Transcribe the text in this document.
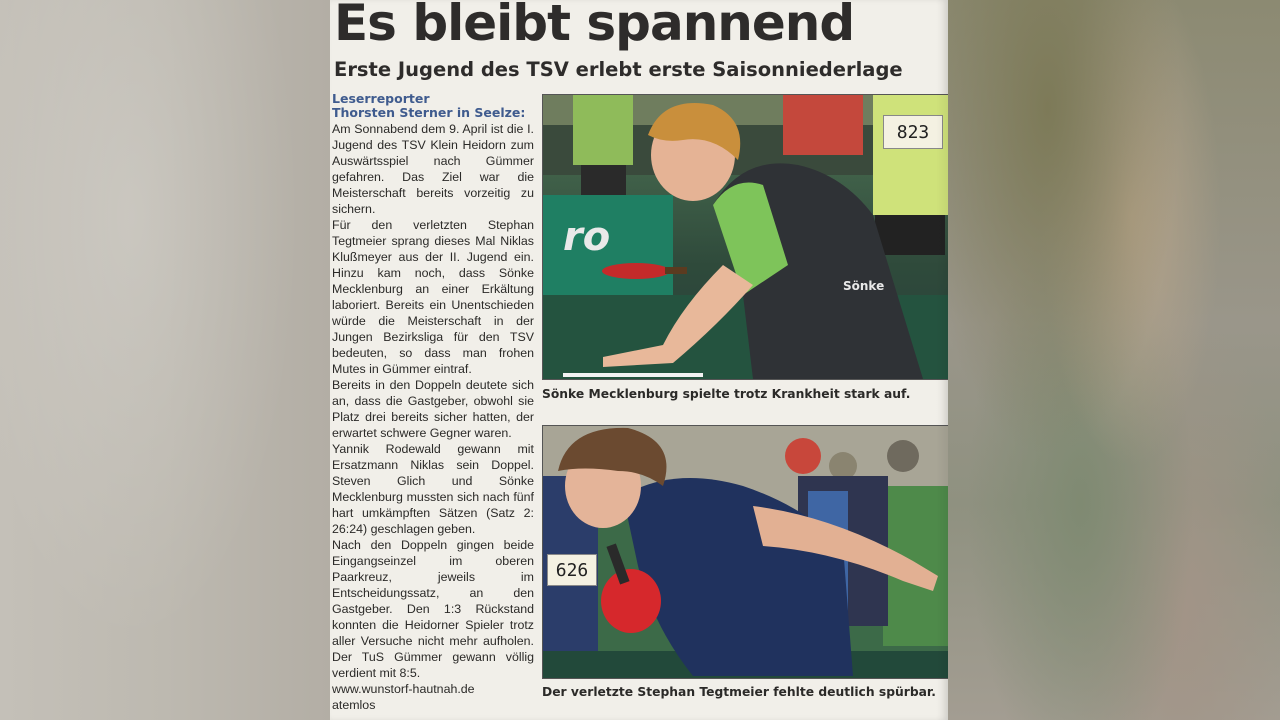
Es bleibt spannend
Erste Jugend des TSV erlebt erste Saisonniederlage
Leserreporter
Thorsten Sterner in Seelze:

Am Sonnabend dem 9. April ist die I. Jugend des TSV Klein Heidorn zum Auswärtsspiel nach Gümmer gefahren. Das Ziel war die Meisterschaft bereits vorzeitig zu sichern.

Für den verletzten Stephan Tegtmeier sprang dieses Mal Niklas Klußmeyer aus der II. Jugend ein. Hinzu kam noch, dass Sönke Mecklenburg an einer Erkältung laboriert. Bereits ein Unentschieden würde die Meisterschaft in der Jungen Bezirksliga für den TSV bedeuten, so dass man frohen Mutes in Gümmer eintraf.

Bereits in den Doppeln deutete sich an, dass die Gastgeber, obwohl sie Platz drei bereits sicher hatten, der erwartet schwere Gegner waren.

Yannik Rodewald gewann mit Ersatzmann Niklas sein Doppel. Steven Glich und Sönke Mecklenburg mussten sich nach fünf hart umkämpften Sätzen (Satz 2: 26:24) geschlagen geben.

Nach den Doppeln gingen beide Eingangseinzel im oberen Paarkreuz, jeweils im Entscheidungssatz, an den Gastgeber. Den 1:3 Rückstand konnten die Heidorner Spieler trotz aller Versuche nicht mehr aufholen. Der TuS Gümmer gewann völlig verdient mit 8:5.

www.wunstorf-hautnah.de

atemlos

ro
Sönke
823
Sönke Mecklenburg spielte trotz Krankheit stark auf.
626
Der verletzte Stephan Tegtmeier fehlte deutlich spürbar.
